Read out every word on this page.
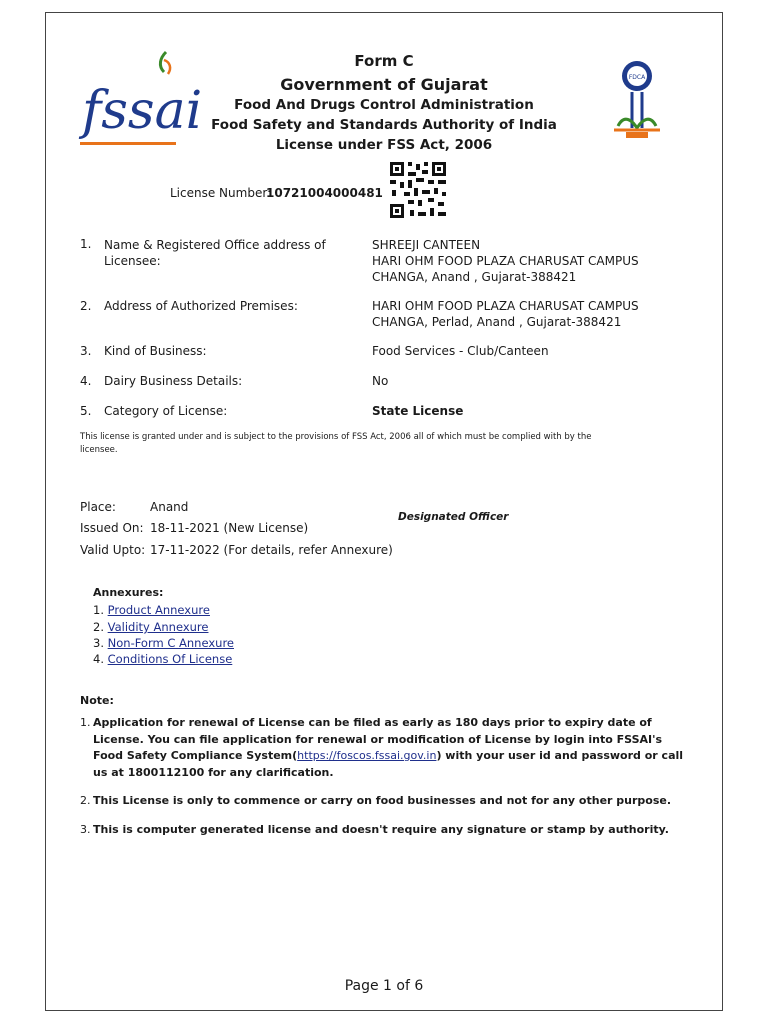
fssai
FDCA
Form C
Government of Gujarat
Food And Drugs Control Administration
Food Safety and Standards Authority of India
License under FSS Act, 2006
License Number:
10721004000481
1. Name & Registered Office address of Licensee:
SHREEJI CANTEEN
HARI OHM FOOD PLAZA CHARUSAT CAMPUS
CHANGA, Anand , Gujarat-388421
2. Address of Authorized Premises:	HARI OHM FOOD PLAZA CHARUSAT CAMPUS
CHANGA, Perlad, Anand , Gujarat-388421
3. Kind of Business:	Food Services - Club/Canteen
4. Dairy Business Details:	No
5. Category of License:	State License
This license is granted under and is subject to the provisions of FSS Act, 2006 all of which must be complied with by the licensee.
Place:	Anand
Issued On: 18-11-2021 (New License)
Valid Upto: 17-11-2022 (For details, refer Annexure)
Designated Officer
Annexures:
1. Product Annexure
2. Validity Annexure
3. Non-Form C Annexure
4. Conditions Of License
Note:
1. Application for renewal of License can be filed as early as 180 days prior to expiry date of License. You can file application for renewal or modification of License by login into FSSAI's Food Safety Compliance System(https://foscos.fssai.gov.in) with your user id and password or call us at 1800112100 for any clarification.
2. This License is only to commence or carry on food businesses and not for any other purpose.
3. This is computer generated license and doesn't require any signature or stamp by authority.
Page 1 of 6
